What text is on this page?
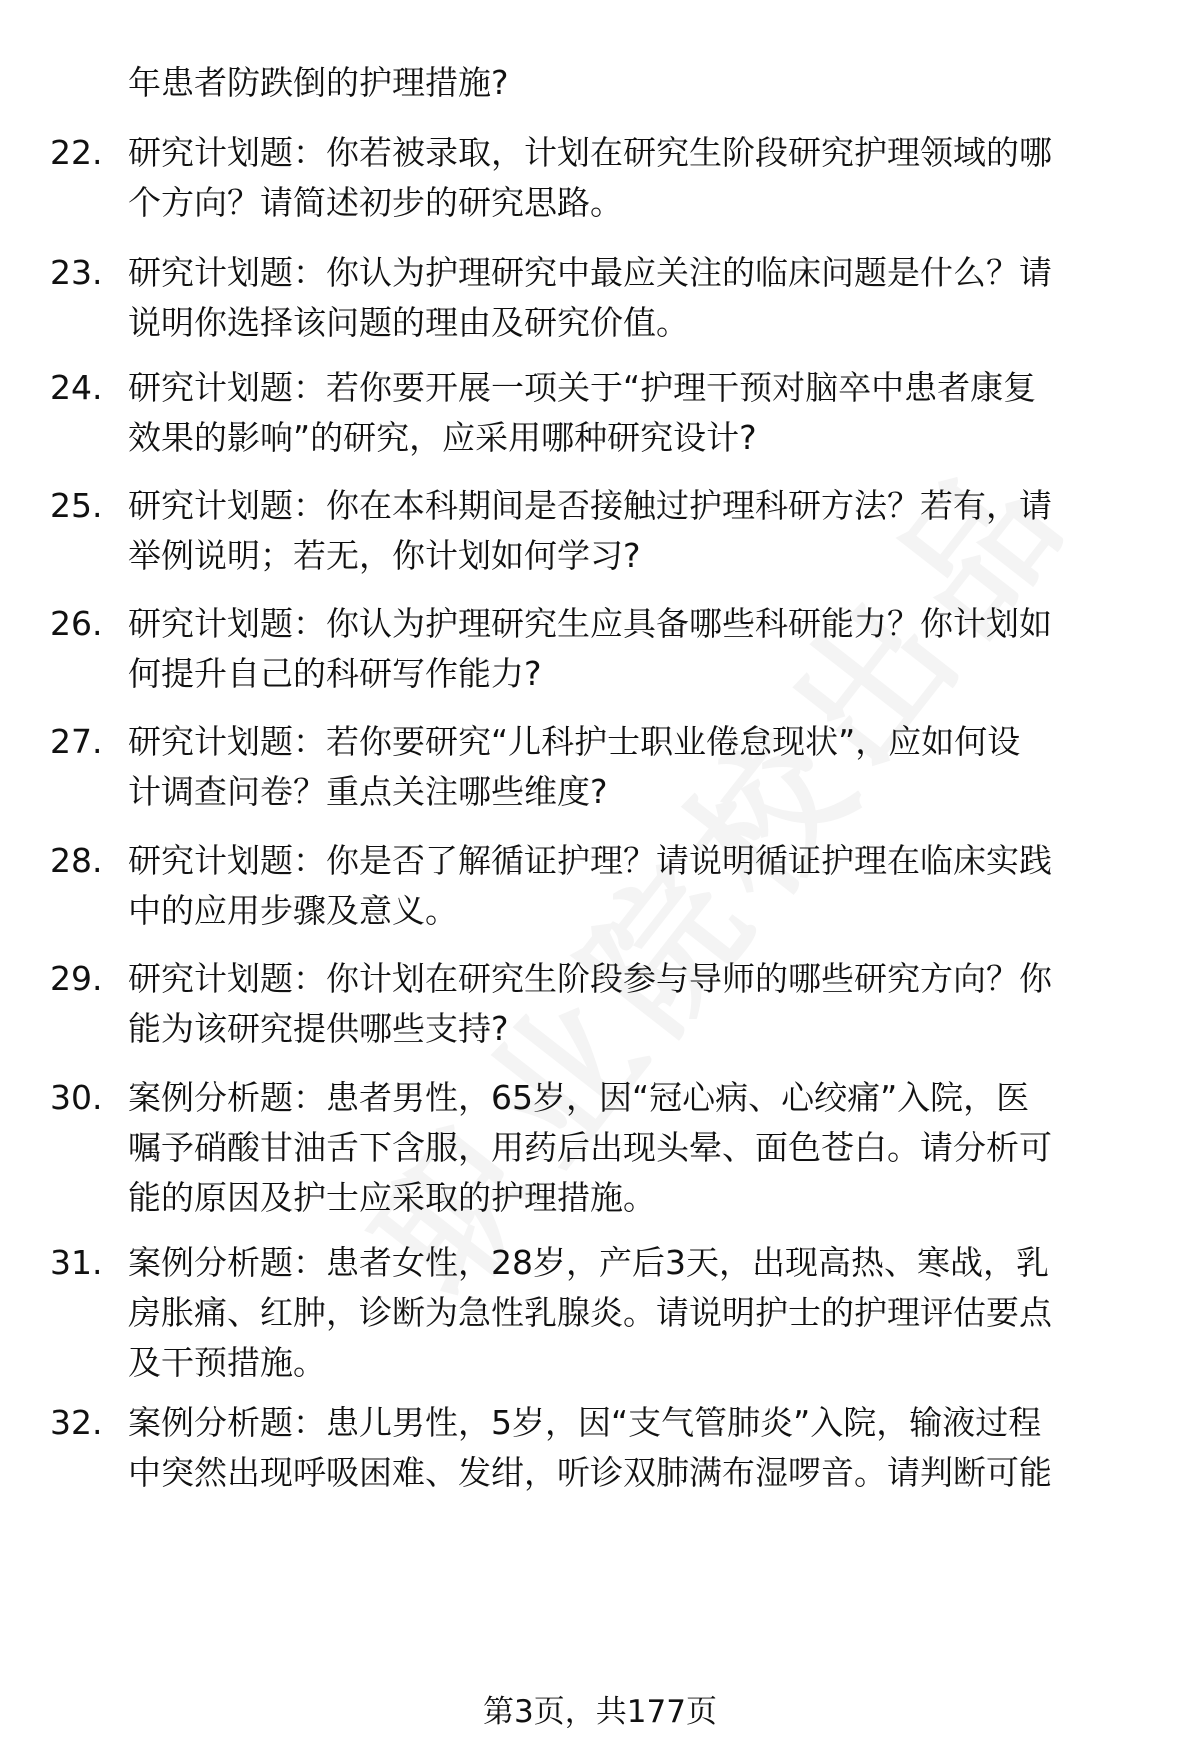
年患者防跌倒的护理措施?
22. 研究计划题：你若被录取，计划在研究生阶段研究护理领域的哪
个方向？请简述初步的研究思路。
23. 研究计划题：你认为护理研究中最应关注的临床问题是什么？请
说明你选择该问题的理由及研究价值。
24. 研究计划题：若你要开展一项关于“护理干预对脑卒中患者康复
效果的影响”的研究，应采用哪种研究设计?
25. 研究计划题：你在本科期间是否接触过护理科研方法？若有，请
举例说明；若无，你计划如何学习?
26. 研究计划题：你认为护理研究生应具备哪些科研能力？你计划如
何提升自己的科研写作能力?
27. 研究计划题：若你要研究“儿科护士职业倦怠现状”，应如何设
计调查问卷？重点关注哪些维度?
28. 研究计划题：你是否了解循证护理？请说明循证护理在临床实践
中的应用步骤及意义。
29. 研究计划题：你计划在研究生阶段参与导师的哪些研究方向？你
能为该研究提供哪些支持?
30. 案例分析题：患者男性，65岁，因“冠心病、心绞痛”入院，医
嘱予硝酸甘油舌下含服，用药后出现头晕、面色苍白。请分析可
能的原因及护士应采取的护理措施。
31. 案例分析题：患者女性，28岁，产后3天，出现高热、寒战，乳
房胀痛、红肿，诊断为急性乳腺炎。请说明护士的护理评估要点
及干预措施。
32. 案例分析题：患儿男性，5岁，因“支气管肺炎”入院，输液过程
中突然出现呼吸困难、发绀，听诊双肺满布湿啰音。请判断可能
第3页，共177页
